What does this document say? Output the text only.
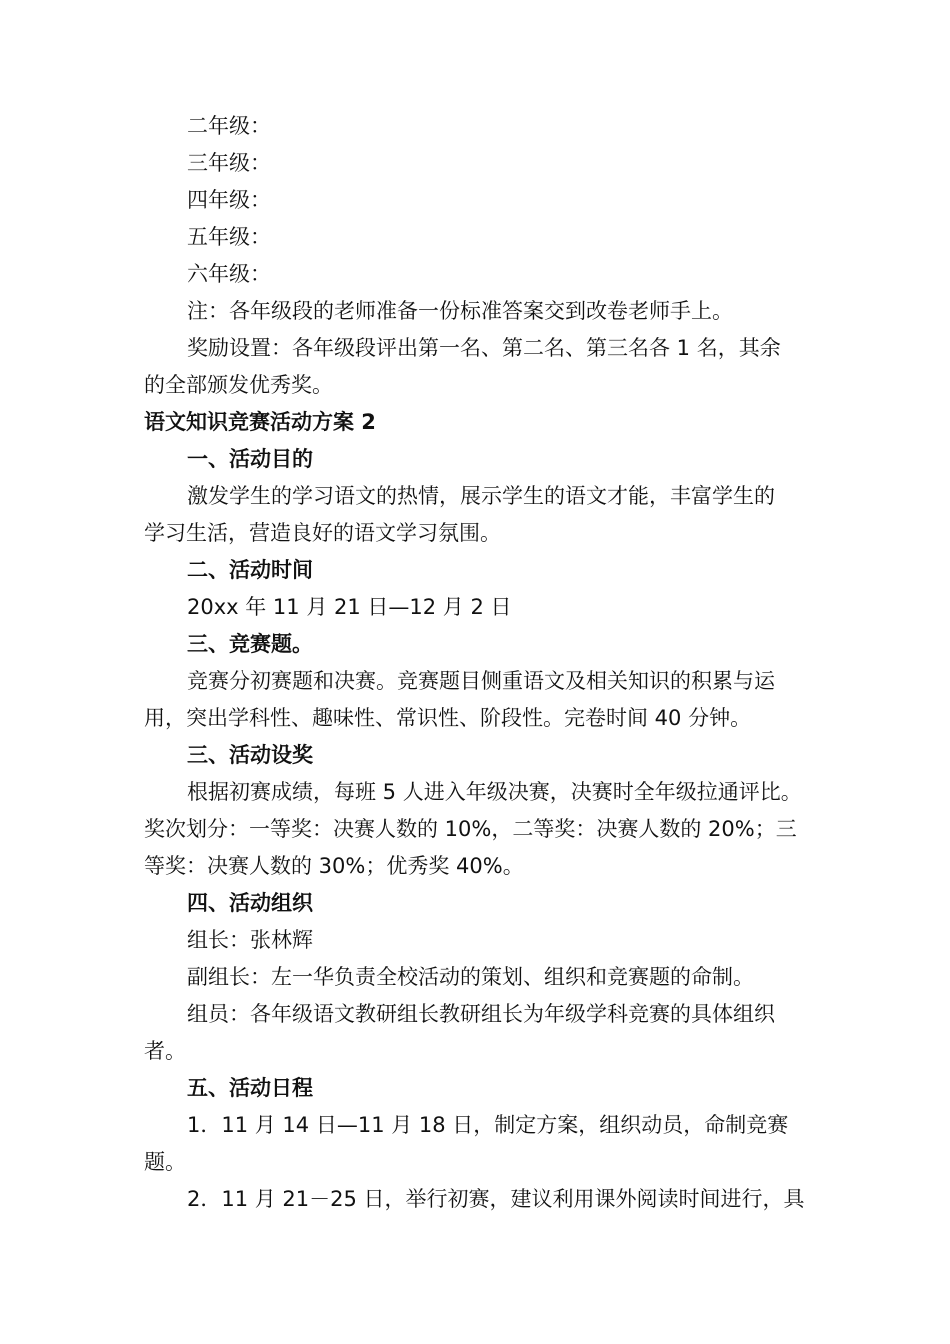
二年级：
三年级：
四年级：
五年级：
六年级：
注：各年级段的老师准备一份标准答案交到改卷老师手上。
奖励设置：各年级段评出第一名、第二名、第三名各 1 名，其余
的全部颁发优秀奖。
语文知识竞赛活动方案 2
一、活动目的
激发学生的学习语文的热情，展示学生的语文才能，丰富学生的
学习生活，营造良好的语文学习氛围。
二、活动时间
20xx 年 11 月 21 日—12 月 2 日
三、竞赛题。
竞赛分初赛题和决赛。竞赛题目侧重语文及相关知识的积累与运
用，突出学科性、趣味性、常识性、阶段性。完卷时间 40 分钟。
三、活动设奖
根据初赛成绩，每班 5 人进入年级决赛，决赛时全年级拉通评比。
奖次划分：一等奖：决赛人数的 10%，二等奖：决赛人数的 20%；三
等奖：决赛人数的 30%；优秀奖 40%。
四、活动组织
组长：张林辉
副组长：左一华负责全校活动的策划、组织和竞赛题的命制。
组员：各年级语文教研组长教研组长为年级学科竞赛的具体组织
者。
五、活动日程
1．11 月 14 日—11 月 18 日，制定方案，组织动员，命制竞赛
题。
2．11 月 21－25 日，举行初赛，建议利用课外阅读时间进行，具
